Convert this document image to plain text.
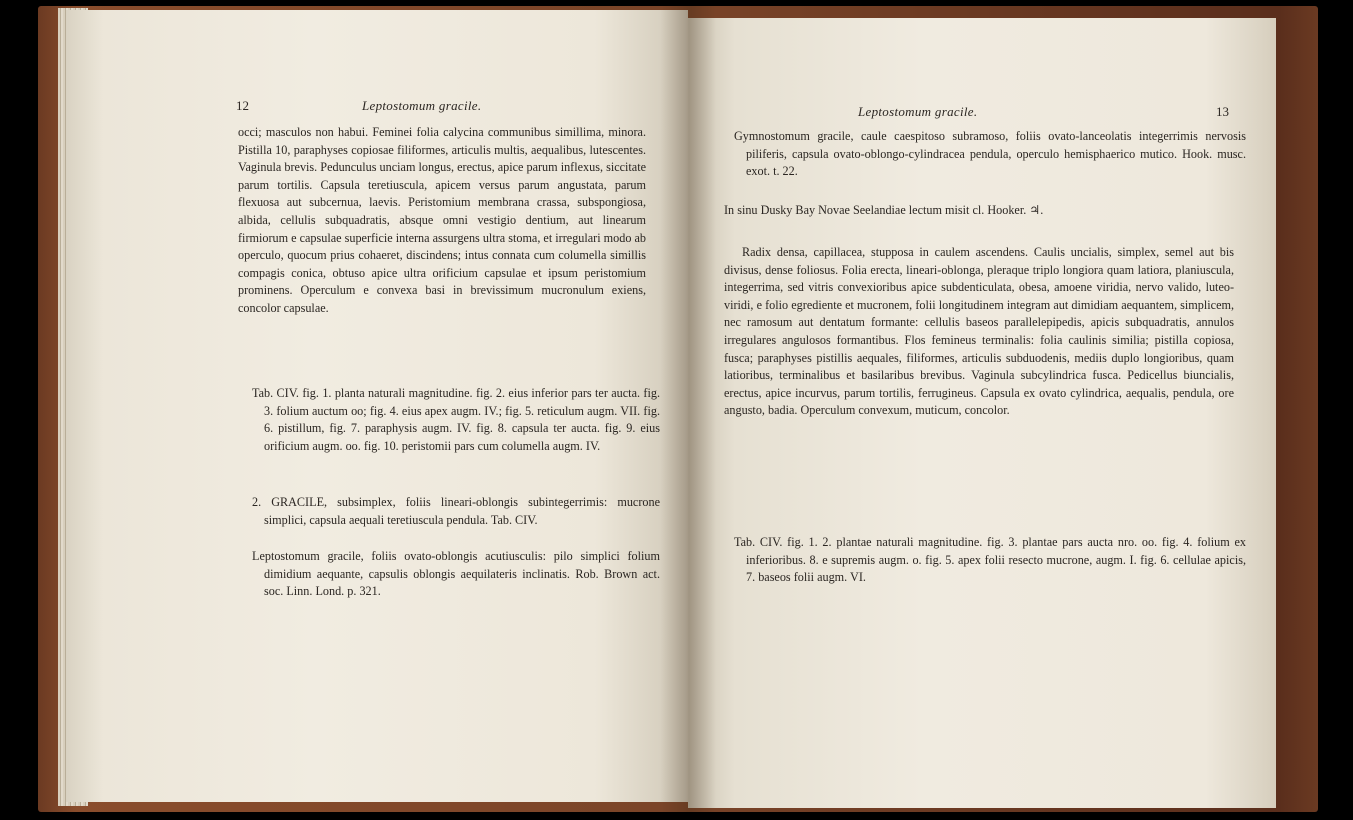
12	Leptostomum gracile.

occi; masculos non habui. Feminei folia calycina communibus simillima, minora. Pistilla 10, paraphyses copiosae filiformes, articulis multis, aequalibus, lutescentes. Vaginula brevis. Pedunculus unciam longus, erectus, apice parum inflexus, siccitate parum tortilis. Capsula teretiuscula, apicem versus parum angustata, parum flexuosa aut subcernua, laevis. Peristomium membrana crassa, subspongiosa, albida, cellulis subquadratis, absque omni vestigio dentium, aut linearum firmiorum e capsulae superficie interna assurgens ultra stoma, et irregulari modo ab operculo, quocum prius cohaeret, discindens; intus connata cum columella simillis compagis conica, obtuso apice ultra orificium capsulae et ipsum peristomium prominens. Operculum e convexa basi in brevissimum mucronulum exiens, concolor capsulae.

Tab. CIV. fig. 1. planta naturali magnitudine. fig. 2. eius inferior pars ter aucta. fig. 3. folium auctum oo; fig. 4. eius apex augm. IV.; fig. 5. reticulum augm. VII. fig. 6. pistillum, fig. 7. paraphysis augm. IV. fig. 8. capsula ter aucta. fig. 9. eius orificium augm. oo. fig. 10. peristomii pars cum columella augm. IV.

2. GRACILE, subsimplex, foliis lineari-oblongis subintegerrimis: mucrone simplici, capsula aequali teretiuscula pendula. Tab. CIV.

Leptostomum gracile, foliis ovato-oblongis acutiusculis: pilo simplici folium dimidium aequante, capsulis oblongis aequilateris inclinatis. Rob. Brown act. soc. Linn. Lond. p. 321.

Leptostomum gracile.	13

Gymnostomum gracile, caule caespitoso subramoso, foliis ovato-lanceolatis integerrimis nervosis piliferis, capsula ovato-oblongo-cylindracea pendula, operculo hemisphaerico mutico. Hook. musc. exot. t. 22.

In sinu Dusky Bay Novae Seelandiae lectum misit cl. Hooker. ♃.

Radix densa, capillacea, stupposa in caulem ascendens. Caulis uncialis, simplex, semel aut bis divisus, dense foliosus. Folia erecta, lineari-oblonga, pleraque triplo longiora quam latiora, planiuscula, integerrima, sed vitris convexioribus apice subdenticulata, obesa, amoene viridia, nervo valido, luteo-viridi, e folio egrediente et mucronem, folii longitudinem integram aut dimidiam aequantem, simplicem, nec ramosum aut dentatum formante: cellulis baseos parallelepipedis, apicis subquadratis, annulos irregulares angulosos formantibus. Flos femineus terminalis: folia caulinis similia; pistilla copiosa, fusca; paraphyses pistillis aequales, filiformes, articulis subduodenis, mediis duplo longioribus, quam latioribus, terminalibus et basilaribus brevibus. Vaginula subcylindrica fusca. Pedicellus biuncialis, erectus, apice incurvus, parum tortilis, ferrugineus. Capsula ex ovato cylindrica, aequalis, pendula, ore angusto, badia. Operculum convexum, muticum, concolor.

Tab. CIV. fig. 1. 2. plantae naturali magnitudine. fig. 3. plantae pars aucta nro. oo. fig. 4. folium ex inferioribus. 8. e supremis augm. o. fig. 5. apex folii resecto mucrone, augm. I. fig. 6. cellulae apicis, 7. baseos folii augm. VI.
